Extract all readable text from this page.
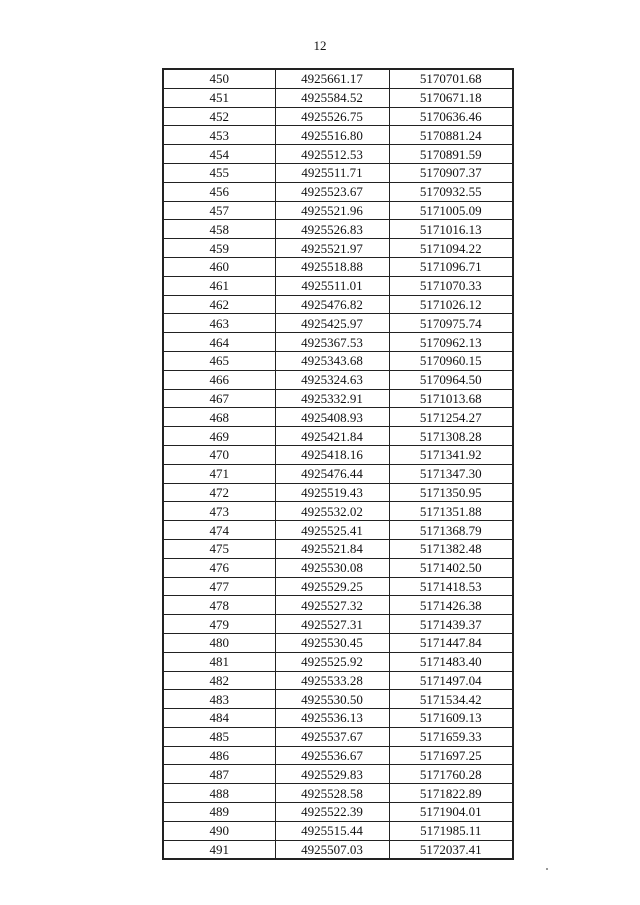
12
450	4925661.17	5170701.68
451	4925584.52	5170671.18
452	4925526.75	5170636.46
453	4925516.80	5170881.24
454	4925512.53	5170891.59
455	4925511.71	5170907.37
456	4925523.67	5170932.55
457	4925521.96	5171005.09
458	4925526.83	5171016.13
459	4925521.97	5171094.22
460	4925518.88	5171096.71
461	4925511.01	5171070.33
462	4925476.82	5171026.12
463	4925425.97	5170975.74
464	4925367.53	5170962.13
465	4925343.68	5170960.15
466	4925324.63	5170964.50
467	4925332.91	5171013.68
468	4925408.93	5171254.27
469	4925421.84	5171308.28
470	4925418.16	5171341.92
471	4925476.44	5171347.30
472	4925519.43	5171350.95
473	4925532.02	5171351.88
474	4925525.41	5171368.79
475	4925521.84	5171382.48
476	4925530.08	5171402.50
477	4925529.25	5171418.53
478	4925527.32	5171426.38
479	4925527.31	5171439.37
480	4925530.45	5171447.84
481	4925525.92	5171483.40
482	4925533.28	5171497.04
483	4925530.50	5171534.42
484	4925536.13	5171609.13
485	4925537.67	5171659.33
486	4925536.67	5171697.25
487	4925529.83	5171760.28
488	4925528.58	5171822.89
489	4925522.39	5171904.01
490	4925515.44	5171985.11
491	4925507.03	5172037.41
